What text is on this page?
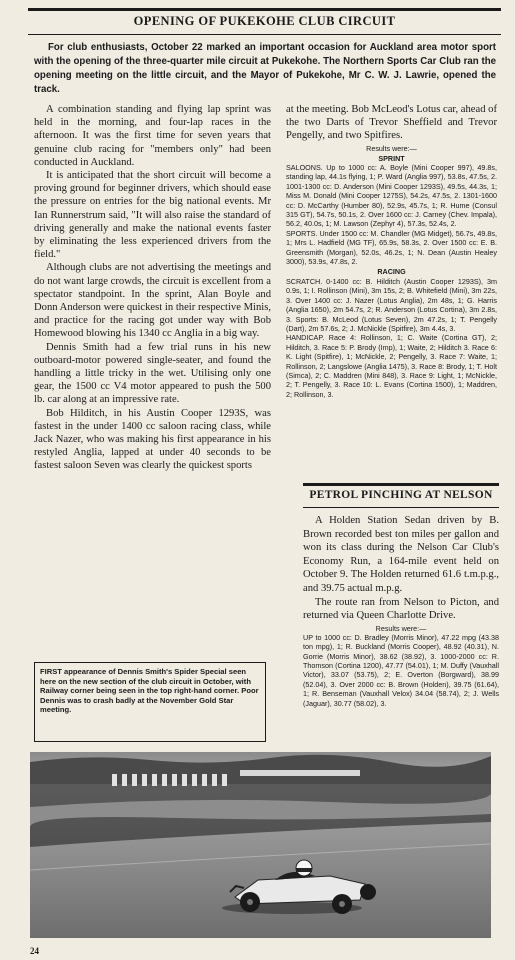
OPENING OF PUKEKOHE CLUB CIRCUIT

For club enthusiasts, October 22 marked an important occasion for Auckland area motor sport with the opening of the three-quarter mile circuit at Pukekohe. The Northern Sports Car Club ran the opening meeting on the little circuit, and the Mayor of Pukekohe, Mr C. W. J. Lawrie, opened the track.

A combination standing and flying lap sprint was held in the morning, and four-lap races in the afternoon. It was the first time for seven years that genuine club racing for "members only" had been conducted in Auckland.

It is anticipated that the short circuit will become a proving ground for beginner drivers, which should ease the pressure on entries for the big national events. Mr Ian Runnerstrum said, "It will also raise the standard of driving generally and make the national events faster by eliminating the less experienced drivers from the field."

Although clubs are not advertising the meetings and do not want large crowds, the circuit is excellent from a spectator standpoint. In the sprint, Alan Boyle and Donn Anderson were quickest in their respective Minis, and practice for the racing got under way with Bob Homewood blowing his 1340 cc Anglia in a big way.

Dennis Smith had a few trial runs in his new outboard-motor powered single-seater, and found the handling a little tricky in the wet. Utilising only one gear, the 1500 cc V4 motor appeared to push the 500 lb. car along at an impressive rate.

Bob Hilditch, in his Austin Cooper 1293S, was fastest in the under 1400 cc saloon racing class, while Jack Nazer, who was making his first appearance in his restyled Anglia, lapped at under 40 seconds to be fastest saloon Seven was clearly the quickest sports

at the meeting. Bob McLeod's Lotus car, ahead of the two Darts of Trevor Sheffield and Trevor Pengelly, and two Spitfires.

Results were:—
SPRINT

SALOONS. Up to 1000 cc: A. Boyle (Mini Cooper 997), 49.8s, standing lap, 44.1s flying, 1; P. Ward (Anglia 997), 53.8s, 47.5s, 2. 1001-1300 cc: D. Anderson (Mini Cooper 1293S), 49.5s, 44.3s, 1; Miss M. Donald (Mini Cooper 1275S), 54.2s, 47.5s, 2. 1301-1600 cc: D. McCarthy (Humber 80), 52.9s, 45.7s, 1; R. Hume (Consul 315 GT), 54.7s, 50.1s, 2. Over 1600 cc: J. Carney (Chev. Impala), 56.2, 40.0s, 1; M. Lawson (Zephyr 4), 57.3s, 52.4s, 2.

SPORTS. Under 1500 cc: M. Chandler (MG Midget), 56.7s, 49.8s, 1; Mrs L. Hadfield (MG TF), 65.9s, 58.3s, 2. Over 1500 cc: E. B. Greensmith (Morgan), 52.0s, 46.2s, 1; N. Dean (Austin Healey 3000), 53.9s, 47.8s, 2.

RACING

SCRATCH. 0-1400 cc: B. Hilditch (Austin Cooper 1293S), 3m 0.9s, 1; I. Rollinson (Mini), 3m 15s, 2; B. Whitefield (Mini), 3m 22s, 3. Over 1400 cc: J. Nazer (Lotus Anglia), 2m 48s, 1; G. Harris (Anglia 1650), 2m 54.7s, 2; R. Anderson (Lotus Cortina), 3m 2.8s, 3. Sports: B. McLeod (Lotus Seven), 2m 47.2s, 1; T. Pengelly (Dart), 2m 57.6s, 2; J. McNickle (Spitfire), 3m 4.4s, 3.

HANDICAP. Race 4: Rollinson, 1; C. Waite (Cortina GT), 2; Hilditch, 3. Race 5: P. Brody (Imp), 1; Waite, 2; Hilditch 3. Race 6: K. Light (Spitfire), 1; McNickle, 2; Pengelly, 3. Race 7: Waite, 1; Rollinson, 2; Langslowe (Anglia 1475), 3. Race 8: Brody, 1; T. Holt (Simca), 2; C. Maddren (Mini 848), 3. Race 9: Light, 1; McNickle, 2; T. Pengelly, 3. Race 10: L. Evans (Cortina 1500), 1; Maddren, 2; Rollinson, 3.

PETROL PINCHING AT NELSON

A Holden Station Sedan driven by B. Brown recorded best ton miles per gallon and won its class during the Nelson Car Club's Economy Run, a 164-mile event held on October 9. The Holden returned 61.6 t.m.p.g., and 39.75 actual m.p.g.

The route ran from Nelson to Picton, and returned via Queen Charlotte Drive.

Results were:—
UP to 1000 cc: D. Bradley (Morris Minor), 47.22 mpg (43.38 ton mpg), 1; R. Buckland (Morris Cooper), 48.92 (40.31), N. Gorrie (Morris Minor), 38.62 (38.92), 3. 1000-2000 cc: R. Thomson (Cortina 1200), 47.77 (54.01), 1; M. Duffy (Vauxhall Victor), 33.07 (53.75), 2; E. Overton (Borgward), 38.99 (52.04), 3. Over 2000 cc: B. Brown (Holden), 39.75 (61.64), 1; R. Benseman (Vauxhall Velox) 34.04 (58.74), 2; J. Wells (Jaguar), 30.77 (58.02), 3.
FIRST appearance of Dennis Smith's Spider Special seen here on the new section of the club circuit in October, with Railway corner being seen in the top right-hand corner. Poor Dennis was to crash badly at the November Gold Star meeting.
24
